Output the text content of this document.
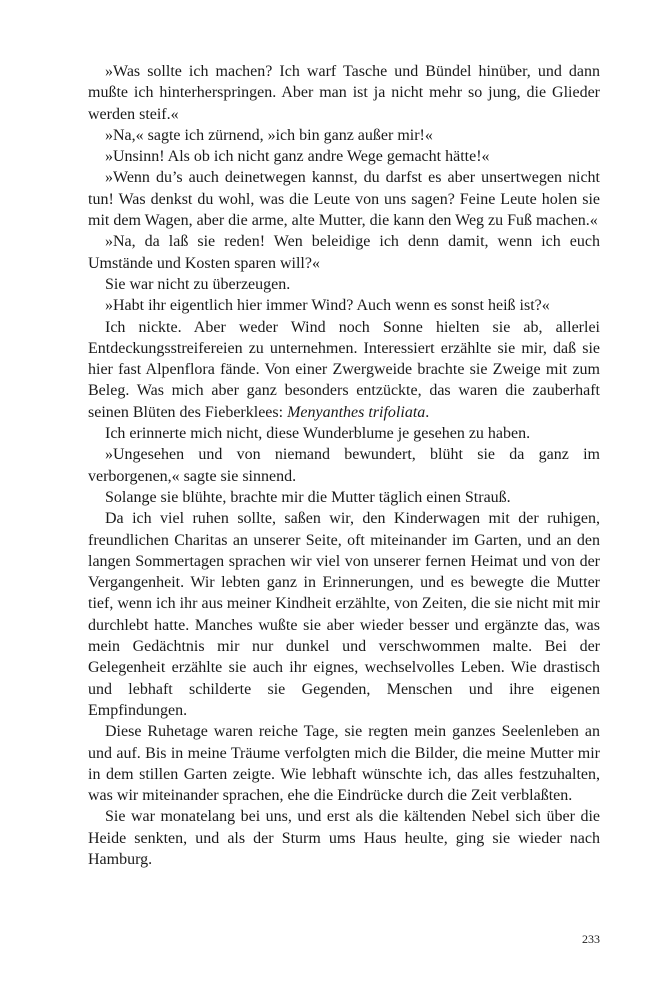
»Was sollte ich machen? Ich warf Tasche und Bündel hinüber, und dann mußte ich hinterherspringen. Aber man ist ja nicht mehr so jung, die Glieder werden steif.«

»Na,« sagte ich zürnend, »ich bin ganz außer mir!«

»Unsinn! Als ob ich nicht ganz andre Wege gemacht hätte!«

»Wenn du’s auch deinetwegen kannst, du darfst es aber unsertwegen nicht tun! Was denkst du wohl, was die Leute von uns sagen? Feine Leute holen sie mit dem Wagen, aber die arme, alte Mutter, die kann den Weg zu Fuß machen.«

»Na, da laß sie reden! Wen beleidige ich denn damit, wenn ich euch Umstände und Kosten sparen will?«

Sie war nicht zu überzeugen.

»Habt ihr eigentlich hier immer Wind? Auch wenn es sonst heiß ist?«

Ich nickte. Aber weder Wind noch Sonne hielten sie ab, allerlei Entdeckungsstreifereien zu unternehmen. Interessiert erzählte sie mir, daß sie hier fast Alpenflora fände. Von einer Zwergweide brachte sie Zweige mit zum Beleg. Was mich aber ganz besonders entzückte, das waren die zauberhaft seinen Blüten des Fieberklees: Menyanthes trifoliata.

Ich erinnerte mich nicht, diese Wunderblume je gesehen zu haben.

»Ungesehen und von niemand bewundert, blüht sie da ganz im verborgenen,« sagte sie sinnend.

Solange sie blühte, brachte mir die Mutter täglich einen Strauß.

Da ich viel ruhen sollte, saßen wir, den Kinderwagen mit der ruhigen, freundlichen Charitas an unserer Seite, oft miteinander im Garten, und an den langen Sommertagen sprachen wir viel von unserer fernen Heimat und von der Vergangenheit. Wir lebten ganz in Erinnerungen, und es bewegte die Mutter tief, wenn ich ihr aus meiner Kindheit erzählte, von Zeiten, die sie nicht mit mir durchlebt hatte. Manches wußte sie aber wieder besser und ergänzte das, was mein Gedächtnis mir nur dunkel und verschwommen malte. Bei der Gelegenheit erzählte sie auch ihr eignes, wechselvolles Leben. Wie drastisch und lebhaft schilderte sie Gegenden, Menschen und ihre eigenen Empfindungen.

Diese Ruhetage waren reiche Tage, sie regten mein ganzes Seelenleben an und auf. Bis in meine Träume verfolgten mich die Bilder, die meine Mutter mir in dem stillen Garten zeigte. Wie lebhaft wünschte ich, das alles festzuhalten, was wir miteinander sprachen, ehe die Eindrücke durch die Zeit verblaßten.

Sie war monatelang bei uns, und erst als die kältenden Nebel sich über die Heide senkten, und als der Sturm ums Haus heulte, ging sie wieder nach Hamburg.

233
